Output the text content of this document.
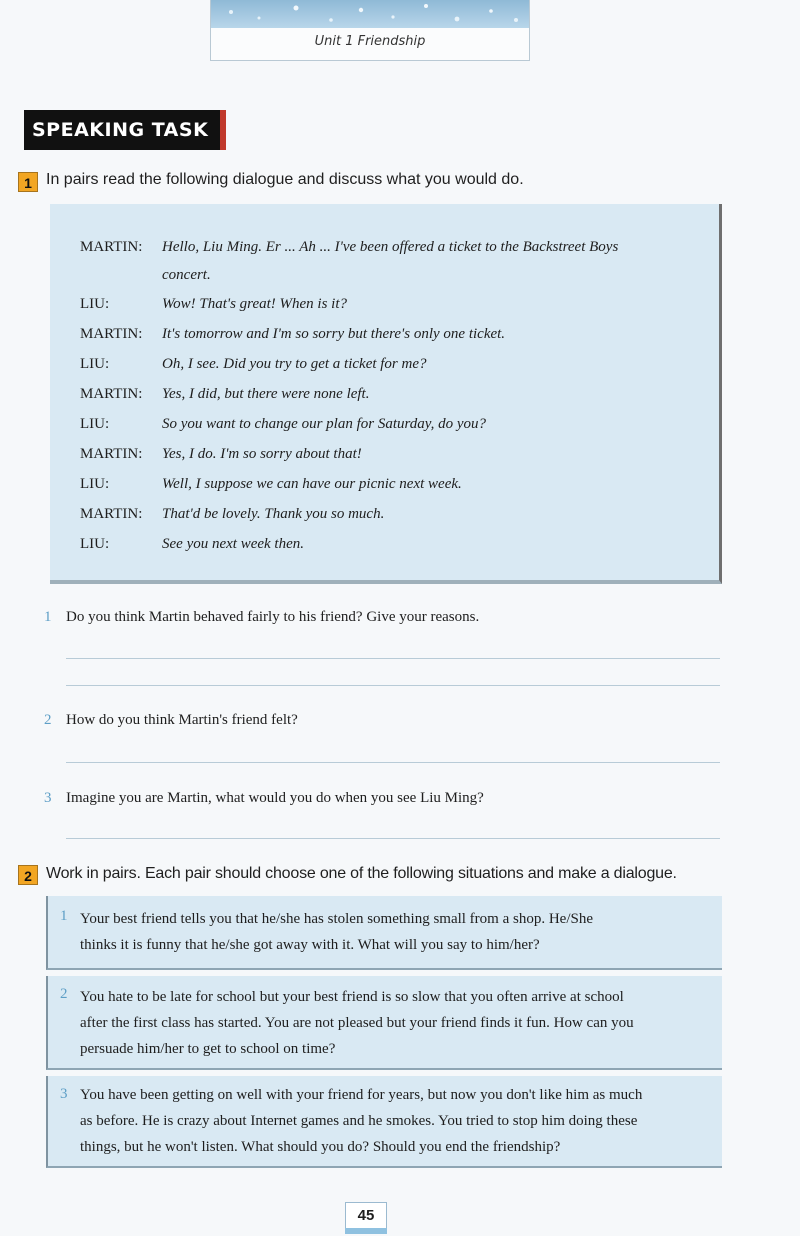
Unit 1 Friendship
SPEAKING TASK
1 In pairs read the following dialogue and discuss what you would do.
MARTIN:	Hello, Liu Ming. Er ... Ah ... I've been offered a ticket to the Backstreet Boys
concert.
LIU:	Wow! That's great! When is it?
MARTIN:	It's tomorrow and I'm so sorry but there's only one ticket.
LIU:	Oh, I see. Did you try to get a ticket for me?
MARTIN:	Yes, I did, but there were none left.
LIU:	So you want to change our plan for Saturday, do you?
MARTIN:	Yes, I do. I'm so sorry about that!
LIU:	Well, I suppose we can have our picnic next week.
MARTIN:	That'd be lovely. Thank you so much.
LIU:	See you next week then.
1 Do you think Martin behaved fairly to his friend? Give your reasons.
2 How do you think Martin's friend felt?
3 Imagine you are Martin, what would you do when you see Liu Ming?
2 Work in pairs. Each pair should choose one of the following situations and make a dialogue.
1 Your best friend tells you that he/she has stolen something small from a shop. He/She
thinks it is funny that he/she got away with it. What will you say to him/her?
2 You hate to be late for school but your best friend is so slow that you often arrive at school
after the first class has started. You are not pleased but your friend finds it fun. How can you
persuade him/her to get to school on time?
3 You have been getting on well with your friend for years, but now you don't like him as much
as before. He is crazy about Internet games and he smokes. You tried to stop him doing these
things, but he won't listen. What should you do? Should you end the friendship?
45
